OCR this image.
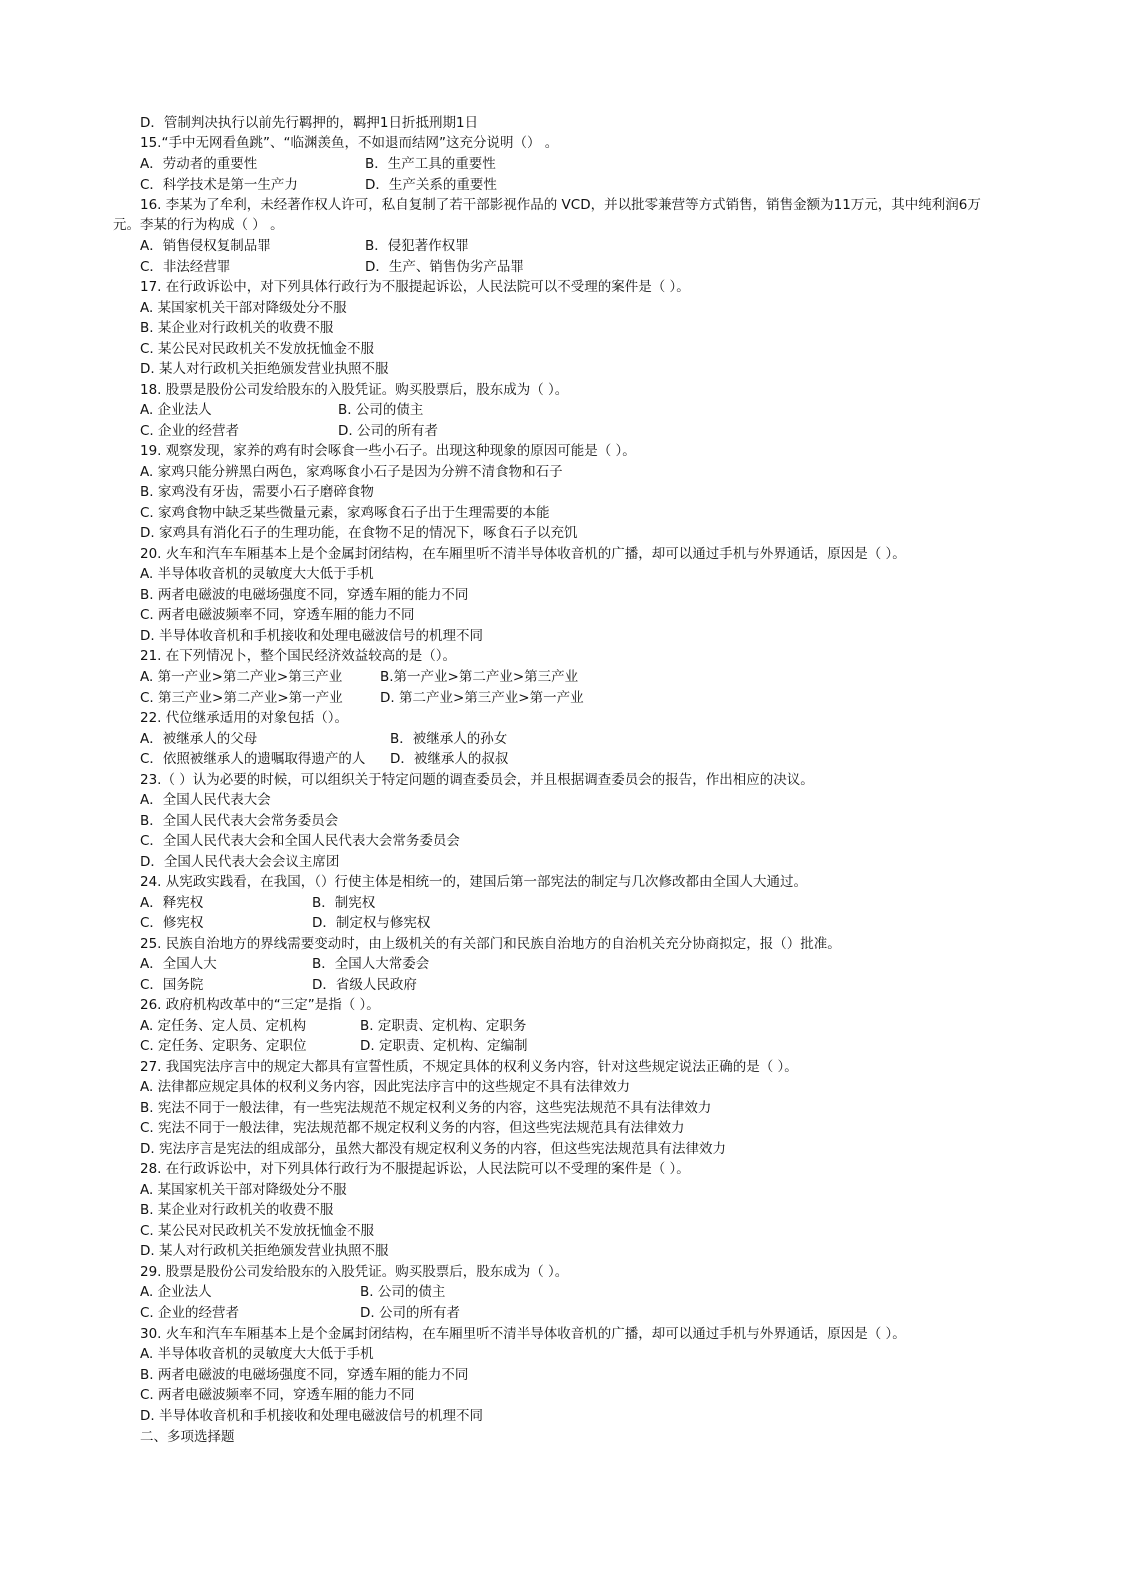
D．管制判决执行以前先行羁押的，羁押1日折抵刑期1日
15.“手中无网看鱼跳”、“临渊羡鱼，不如退而结网”这充分说明（） 。
A．劳动者的重要性	B．生产工具的重要性
C．科学技术是第一生产力	D．生产关系的重要性
16. 李某为了牟利，未经著作权人许可，私自复制了若干部影视作品的 VCD，并以批零兼营等方式销售，销售金额为11万元，其中纯利润6万
元。李某的行为构成（ ） 。
A．销售侵权复制品罪	B．侵犯著作权罪
C．非法经营罪	D．生产、销售伪劣产品罪
17. 在行政诉讼中，对下列具体行政行为不服提起诉讼，人民法院可以不受理的案件是（ ）。
A. 某国家机关干部对降级处分不服
B. 某企业对行政机关的收费不服
C. 某公民对民政机关不发放抚恤金不服
D. 某人对行政机关拒绝颁发营业执照不服
18. 股票是股份公司发给股东的入股凭证。购买股票后，股东成为（ ）。
A. 企业法人	B. 公司的债主
C. 企业的经营者	D. 公司的所有者
19. 观察发现，家养的鸡有时会啄食一些小石子。出现这种现象的原因可能是（ ）。
A. 家鸡只能分辨黑白两色，家鸡啄食小石子是因为分辨不清食物和石子
B. 家鸡没有牙齿，需要小石子磨碎食物
C. 家鸡食物中缺乏某些微量元素，家鸡啄食石子出于生理需要的本能
D. 家鸡具有消化石子的生理功能，在食物不足的情况下，啄食石子以充饥
20. 火车和汽车车厢基本上是个金属封闭结构，在车厢里听不清半导体收音机的广播，却可以通过手机与外界通话，原因是（ ）。
A. 半导体收音机的灵敏度大大低于手机
B. 两者电磁波的电磁场强度不同，穿透车厢的能力不同
C. 两者电磁波频率不同，穿透车厢的能力不同
D. 半导体收音机和手机接收和处理电磁波信号的机理不同
21. 在下列情况卜，整个国民经济效益较高的是（）。
A. 第一产业>第二产业>第三产业	B.第一产业>第二产业>第三产业
C. 第三产业>第二产业>第一产业	D. 第二产业>第三产业>第一产业
22. 代位继承适用的对象包括（）。
A．被继承人的父母	B．被继承人的孙女
C．依照被继承人的遗嘱取得遗产的人 D．被继承人的叔叔
23.（ ）认为必要的时候，可以组织关于特定问题的调查委员会，并且根据调查委员会的报告，作出相应的决议。
A．全国人民代表大会
B．全国人民代表大会常务委员会
C．全国人民代表大会和全国人民代表大会常务委员会
D．全国人民代表大会会议主席团
24. 从宪政实践看，在我国，（）行使主体是相统一的，建国后第一部宪法的制定与几次修改都由全国人大通过。
A．释宪权	B．制宪权
C．修宪权	D．制定权与修宪权
25. 民族自治地方的界线需要变动时，由上级机关的有关部门和民族自治地方的自治机关充分协商拟定，报（）批准。
A．全国人大	B．全国人大常委会
C．国务院	D．省级人民政府
26. 政府机构改革中的“三定”是指（ ）。
A. 定任务、定人员、定机构	B. 定职责、定机构、定职务
C. 定任务、定职务、定职位	D. 定职责、定机构、定编制
27. 我国宪法序言中的规定大都具有宣誓性质，不规定具体的权利义务内容，针对这些规定说法正确的是（ ）。
A. 法律都应规定具体的权利义务内容，因此宪法序言中的这些规定不具有法律效力
B. 宪法不同于一般法律，有一些宪法规范不规定权利义务的内容，这些宪法规范不具有法律效力
C. 宪法不同于一般法律，宪法规范都不规定权利义务的内容，但这些宪法规范具有法律效力
D. 宪法序言是宪法的组成部分，虽然大都没有规定权利义务的内容，但这些宪法规范具有法律效力
28. 在行政诉讼中，对下列具体行政行为不服提起诉讼，人民法院可以不受理的案件是（ ）。
A. 某国家机关干部对降级处分不服
B. 某企业对行政机关的收费不服
C. 某公民对民政机关不发放抚恤金不服
D. 某人对行政机关拒绝颁发营业执照不服
29. 股票是股份公司发给股东的入股凭证。购买股票后，股东成为（ ）。
A. 企业法人	B. 公司的债主
C. 企业的经营者	D. 公司的所有者
30. 火车和汽车车厢基本上是个金属封闭结构，在车厢里听不清半导体收音机的广播，却可以通过手机与外界通话，原因是（ ）。
A. 半导体收音机的灵敏度大大低于手机
B. 两者电磁波的电磁场强度不同，穿透车厢的能力不同
C. 两者电磁波频率不同，穿透车厢的能力不同
D. 半导体收音机和手机接收和处理电磁波信号的机理不同
二、多项选择题
